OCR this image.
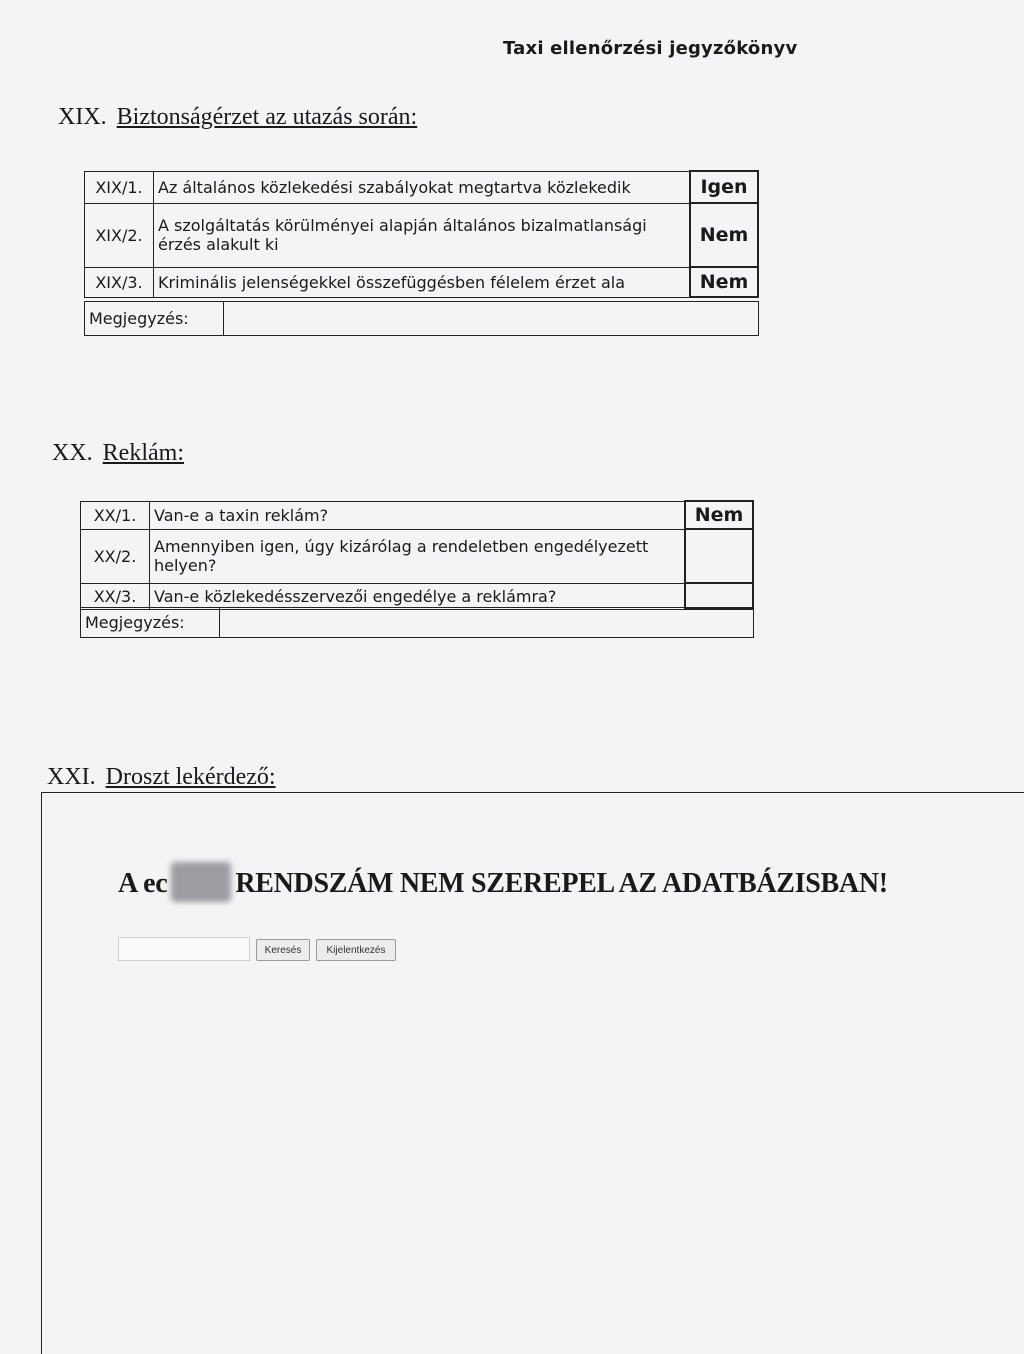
Taxi ellenőrzési jegyzőkönyv
XIX. Biztonságérzet az utazás során:
XIX/1.	Az általános közlekedési szabályokat megtartva közlekedik	Igen
XIX/2.	A szolgáltatás körülményei alapján általános bizalmatlansági érzés alakult ki	Nem
XIX/3.	Kriminális jelenségekkel összefüggésben félelem érzet ala	Nem
Megjegyzés:	
XX. Reklám:
XX/1.	Van-e a taxin reklám?	Nem
XX/2.	Amennyiben igen, úgy kizárólag a rendeletben engedélyezett helyen?	
XX/3.	Van-e közlekedésszervezői engedélye a reklámra?	
Megjegyzés:	
XXI. Droszt lekérdező:
A ec RENDSZÁM NEM SZEREPEL AZ ADATBÁZISBAN!
Keresés	Kijelentkezés
